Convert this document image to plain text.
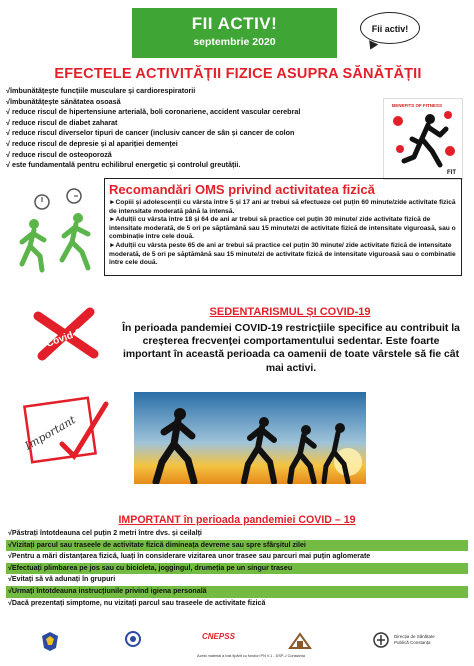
FII ACTIV!
septembrie 2020
Fii activ!
EFECTELE ACTIVITĂȚII FIZICE ASUPRA SĂNĂTĂȚII
√îmbunătățește funcțiile musculare și cardiorespiratorii
√îmbunătățește sănătatea osoasă
√ reduce riscul de hipertensiune arterială, boli coronariene, accident vascular cerebral
√ reduce riscul de diabet zaharat
√ reduce riscul diverselor tipuri de cancer (inclusiv cancer de sân și cancer de colon
√ reduce riscul de depresie și al apariției demenței
√ reduce riscul de osteoporoză
√ este fundamentală pentru echilibrul energetic și controlul greutății.
BENEFITS OF FITNESS
FIT
Recomandări OMS privind activitatea fizică

►Copiii și adolescenții cu vârsta între 5 și 17 ani ar trebui să efectueze cel puțin 60 minute/zide activitate fizică de intensitate moderată până la intensă.

►Adulții cu vârsta între 18 și 64 de ani ar trebui să practice cel puțin 30 minute/ zide activitate fizică de intensitate moderată, de 5 ori pe săptămână sau 15 minute/zi de activitate fizică de intensitate viguroasă, sau o combinație între cele două.

►Adulții cu vârsta peste 65 de ani ar trebui să practice cel puțin 30 minute/ zide activitate fizică de intensitate moderată, de 5 ori pe săptămână sau 15 minute/zi de activitate fizică de intensitate viguroasă sau o combinatie între cele două.

Covid-19
SEDENTARISMUL ȘI COVID-19
În perioada pandemiei COVID-19 restricțiile specifice au contribuit la creșterea frecvenței comportamentului sedentar. Este foarte important în această perioada ca oamenii de toate vârstele să fie cât mai activi.
Important
IMPORTANT în perioada pandemiei COVID – 19
√Păstrați întotdeauna cel puțin 2 metri între dvs. și ceilalți
√Vizitați parcul sau traseele de activitate fizică dimineața devreme sau spre sfârșitul zilei
√Pentru a mări distanțarea fizică, luați în considerare vizitarea unor trasee sau parcuri mai puțin aglomerate
√Efectuați plimbarea pe jos sau cu bicicleta, joggingul, drumeția pe un singur traseu
√Evitați să vă adunați în grupuri
√Urmați întotdeauna instrucțiunile privind igiena personală
√Dacă prezentați simptome, nu vizitați parcul sau traseele de activitate fizică
CNEPSS	Direcția de Sănătate Publică Constanța
Acest material a fost tipărit cu fonduri PN V.1 - DSP-J Constanța
